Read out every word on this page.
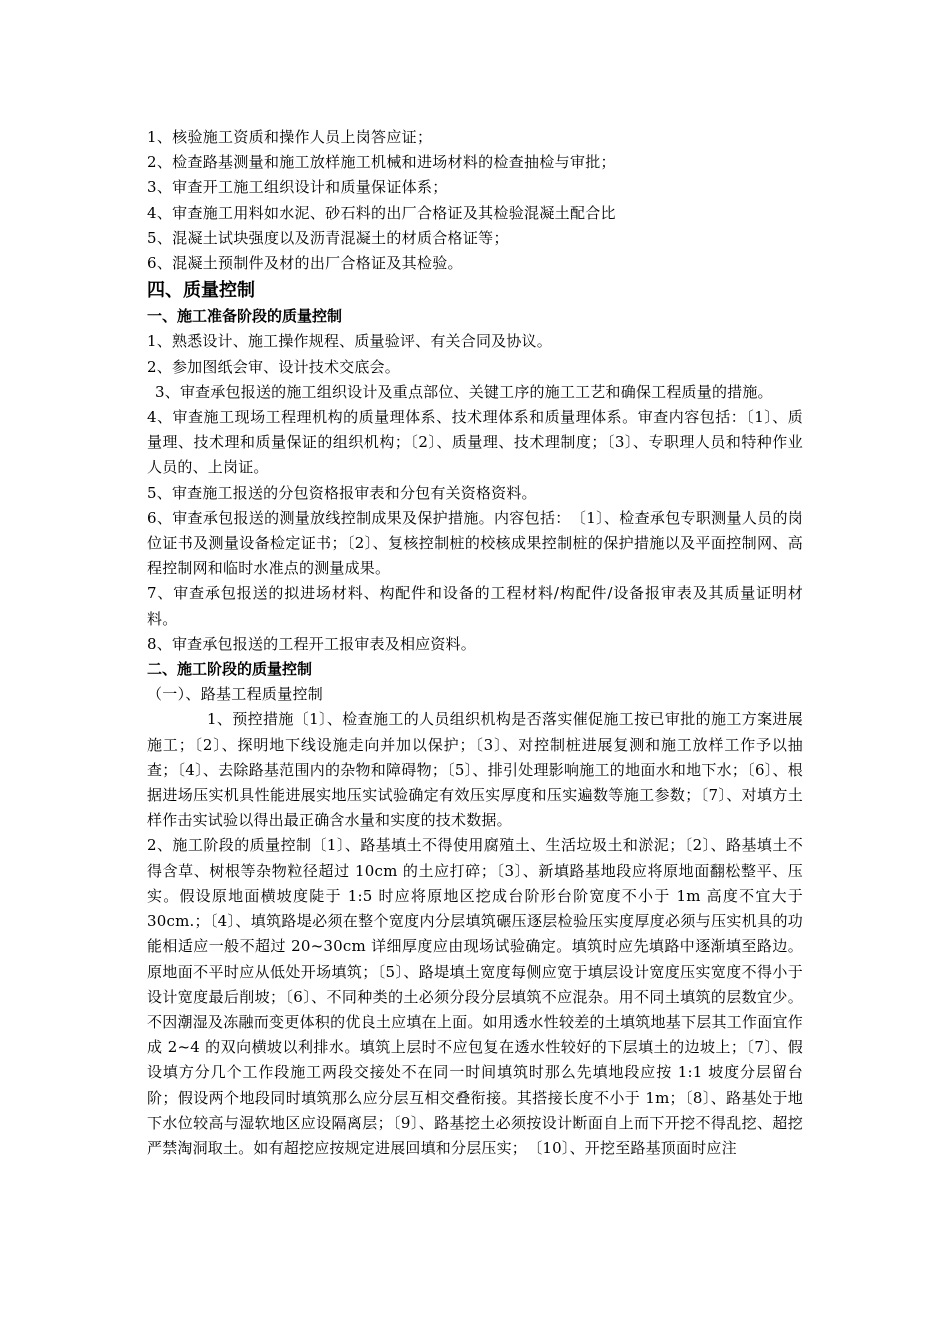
1、核验施工资质和操作人员上岗答应证；
2、检查路基测量和施工放样施工机械和进场材料的检查抽检与审批；
3、审查开工施工组织设计和质量保证体系；
4、审查施工用料如水泥、砂石料的出厂合格证及其检验混凝土配合比
5、混凝土试块强度以及沥青混凝土的材质合格证等；
6、混凝土预制件及材的出厂合格证及其检验。
四、质量控制
一、施工准备阶段的质量控制

1、熟悉设计、施工操作规程、质量验评、有关合同及协议。

2、参加图纸会审、设计技术交底会。

3、审查承包报送的施工组织设计及重点部位、关键工序的施工工艺和确保工程质量的措施。

4、审查施工现场工程理机构的质量理体系、技术理体系和质量理体系。审查内容包括：〔1〕、质量理、技术理和质量保证的组织机构；〔2〕、质量理、技术理制度；〔3〕、专职理人员和特种作业人员的、上岗证。

5、审查施工报送的分包资格报审表和分包有关资格资料。

6、审查承包报送的测量放线控制成果及保护措施。内容包括：　〔1〕、检查承包专职测量人员的岗位证书及测量设备检定证书；〔2〕、复核控制桩的校核成果控制桩的保护措施以及平面控制网、高程控制网和临时水准点的测量成果。

7、审查承包报送的拟进场材料、构配件和设备的工程材料/构配件/设备报审表及其质量证明材料。

8、审查承包报送的工程开工报审表及相应资料。

二、施工阶段的质量控制
（一）、路基工程质量控制

1、预控措施〔1〕、检查施工的人员组织机构是否落实催促施工按已审批的施工方案进展施工；〔2〕、探明地下线设施走向并加以保护；〔3〕、对控制桩进展复测和施工放样工作予以抽查；〔4〕、去除路基范围内的杂物和障碍物；〔5〕、排引处理影响施工的地面水和地下水；〔6〕、根据进场压实机具性能进展实地压实试验确定有效压实厚度和压实遍数等施工参数；〔7〕、对填方土样作击实试验以得出最正确含水量和实度的技术数据。

2、施工阶段的质量控制〔1〕、路基填土不得使用腐殖土、生活垃圾土和淤泥；〔2〕、路基填土不得含草、树根等杂物粒径超过 10cm 的土应打碎；〔3〕、新填路基地段应将原地面翻松整平、压实。假设原地面横坡度陡于 1:5 时应将原地区挖成台阶形台阶宽度不小于 1m 高度不宜大于 30cm.；〔4〕、填筑路堤必须在整个宽度内分层填筑碾压逐层检验压实度厚度必须与压实机具的功能相适应一般不超过 20~30cm 详细厚度应由现场试验确定。填筑时应先填路中逐渐填至路边。原地面不平时应从低处开场填筑；〔5〕、路堤填土宽度每侧应宽于填层设计宽度压实宽度不得小于设计宽度最后削坡；〔6〕、不同种类的土必须分段分层填筑不应混杂。用不同土填筑的层数宜少。不因潮湿及冻融而变更体积的优良土应填在上面。如用透水性较差的土填筑地基下层其工作面宜作成 2~4 的双向横坡以利排水。填筑上层时不应包复在透水性较好的下层填土的边坡上；〔7〕、假设填方分几个工作段施工两段交接处不在同一时间填筑时那么先填地段应按 1:1 坡度分层留台阶；假设两个地段同时填筑那么应分层互相交叠衔接。其搭接长度不小于 1m；〔8〕、路基处于地下水位较高与湿软地区应设隔离层；〔9〕、路基挖土必须按设计断面自上而下开挖不得乱挖、超挖严禁淘洞取土。如有超挖应按规定进展回填和分层压实；　〔10〕、开挖至路基顶面时应注
